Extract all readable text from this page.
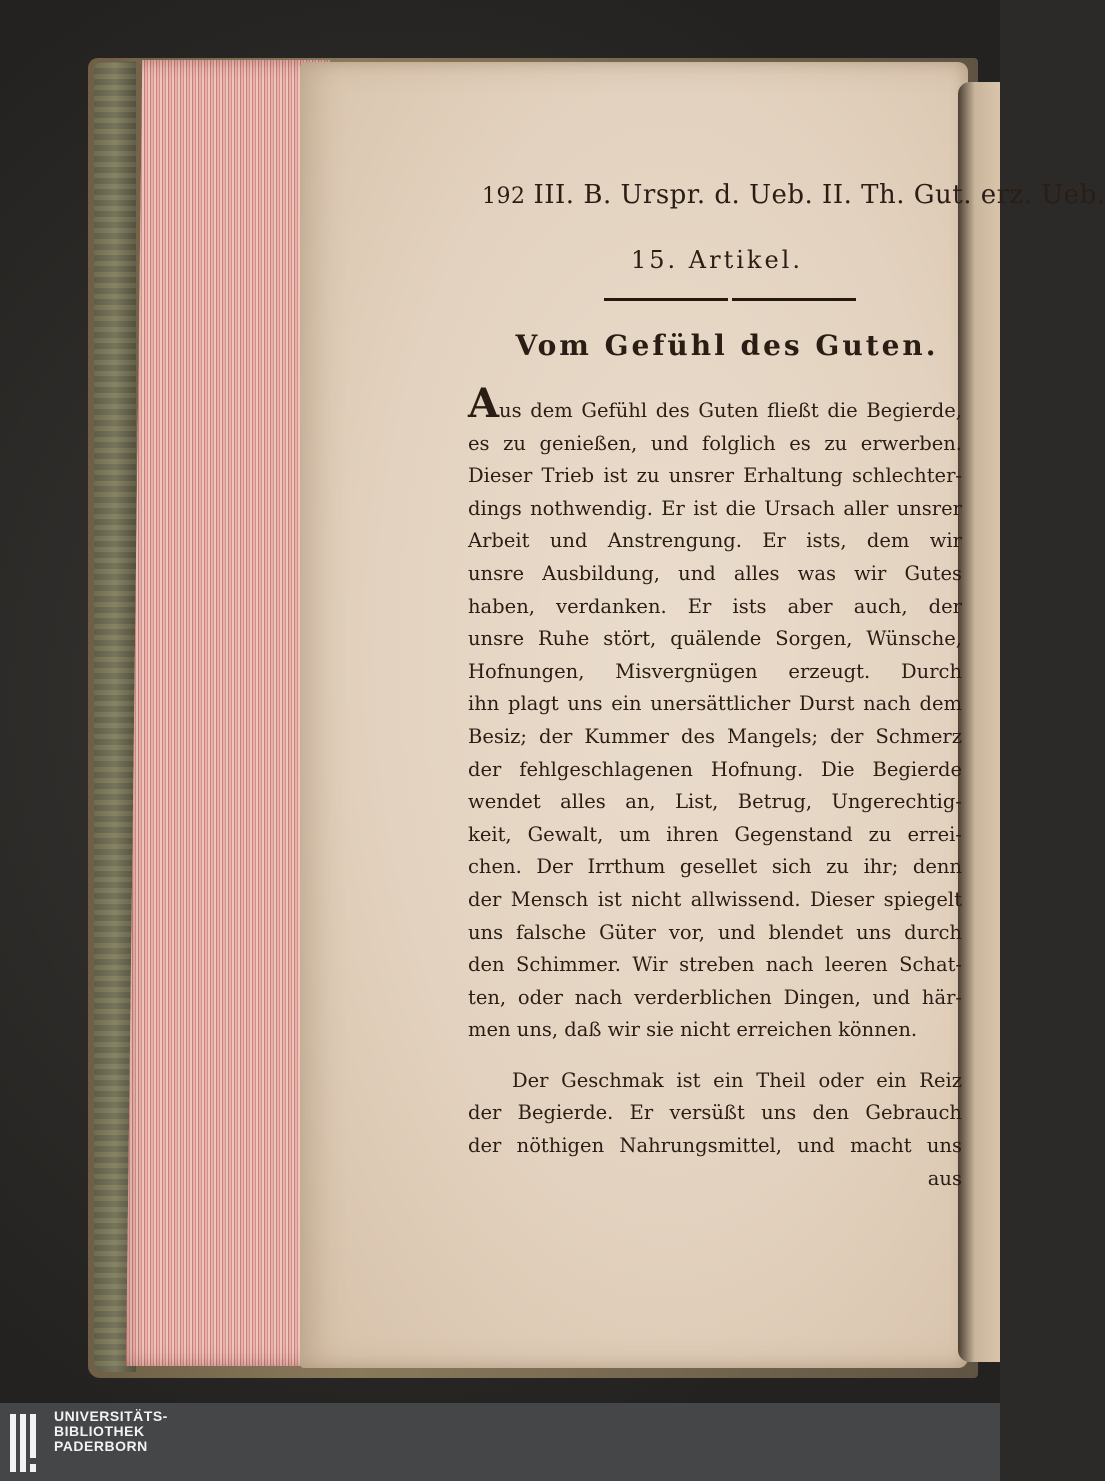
192 III. B. Urspr. d. Ueb. II. Th. Gut. erz. Ueb.
15. Artikel.
Vom Gefühl des Guten.
Aus dem Gefühl des Guten fließt die Begierde,
es zu genießen, und folglich es zu erwerben.
Dieser Trieb ist zu unsrer Erhaltung schlechter-
dings nothwendig. Er ist die Ursach aller unsrer
Arbeit und Anstrengung. Er ists, dem wir
unsre Ausbildung, und alles was wir Gutes
haben, verdanken. Er ists aber auch, der
unsre Ruhe stört, quälende Sorgen, Wünsche,
Hofnungen, Misvergnügen erzeugt. Durch
ihn plagt uns ein unersättlicher Durst nach dem
Besiz; der Kummer des Mangels; der Schmerz
der fehlgeschlagenen Hofnung. Die Begierde
wendet alles an, List, Betrug, Ungerechtig-
keit, Gewalt, um ihren Gegenstand zu errei-
chen. Der Irrthum gesellet sich zu ihr; denn
der Mensch ist nicht allwissend. Dieser spiegelt
uns falsche Güter vor, und blendet uns durch
den Schimmer. Wir streben nach leeren Schat-
ten, oder nach verderblichen Dingen, und här-
men uns, daß wir sie nicht erreichen können.
Der Geschmak ist ein Theil oder ein Reiz
der Begierde. Er versüßt uns den Gebrauch
der nöthigen Nahrungsmittel, und macht uns
aus
UNIVERSITÄTS-
BIBLIOTHEK
PADERBORN
